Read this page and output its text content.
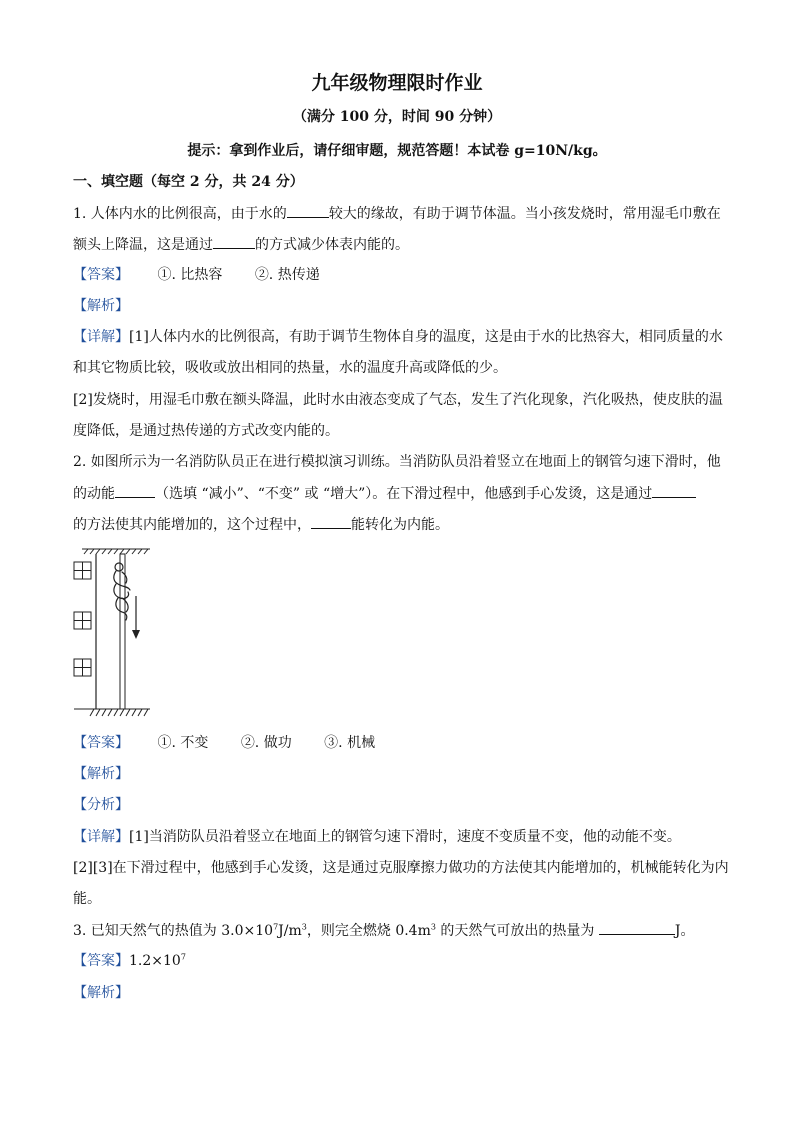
九年级物理限时作业
（满分 100 分，时间 90 分钟）
提示：拿到作业后，请仔细审题，规范答题！本试卷 g=10N/kg。
一、填空题（每空 2 分，共 24 分）
1. 人体内水的比例很高，由于水的	较大的缘故，有助于调节体温。当小孩发烧时，常用湿毛巾敷在
额头上降温，这是通过	的方式减少体表内能的。
【答案】 ①. 比热容 ②. 热传递
【解析】
【详解】[1]人体内水的比例很高，有助于调节生物体自身的温度，这是由于水的比热容大，相同质量的水
和其它物质比较，吸收或放出相同的热量，水的温度升高或降低的少。
[2]发烧时，用湿毛巾敷在额头降温，此时水由液态变成了气态，发生了汽化现象，汽化吸热，使皮肤的温
度降低，是通过热传递的方式改变内能的。
2. 如图所示为一名消防队员正在进行模拟演习训练。当消防队员沿着竖立在地面上的钢管匀速下滑时，他
的动能	（选填 “减小”、“不变” 或 “增大”）。在下滑过程中，他感到手心发烫，这是通过
的方法使其内能增加的，这个过程中，	能转化为内能。
【答案】 ①. 不变 ②. 做功 ③. 机械
【解析】
【分析】
【详解】[1]当消防队员沿着竖立在地面上的钢管匀速下滑时，速度不变质量不变，他的动能不变。
[2][3]在下滑过程中，他感到手心发烫，这是通过克服摩擦力做功的方法使其内能增加的，机械能转化为内
能。
3. 已知天然气的热值为 $3.0\times 10^7J/m^3$，则完全燃烧 $0.4m^3$ 的天然气可放出的热量为	J。
【答案】$1.2\times 10^7$
【解析】
